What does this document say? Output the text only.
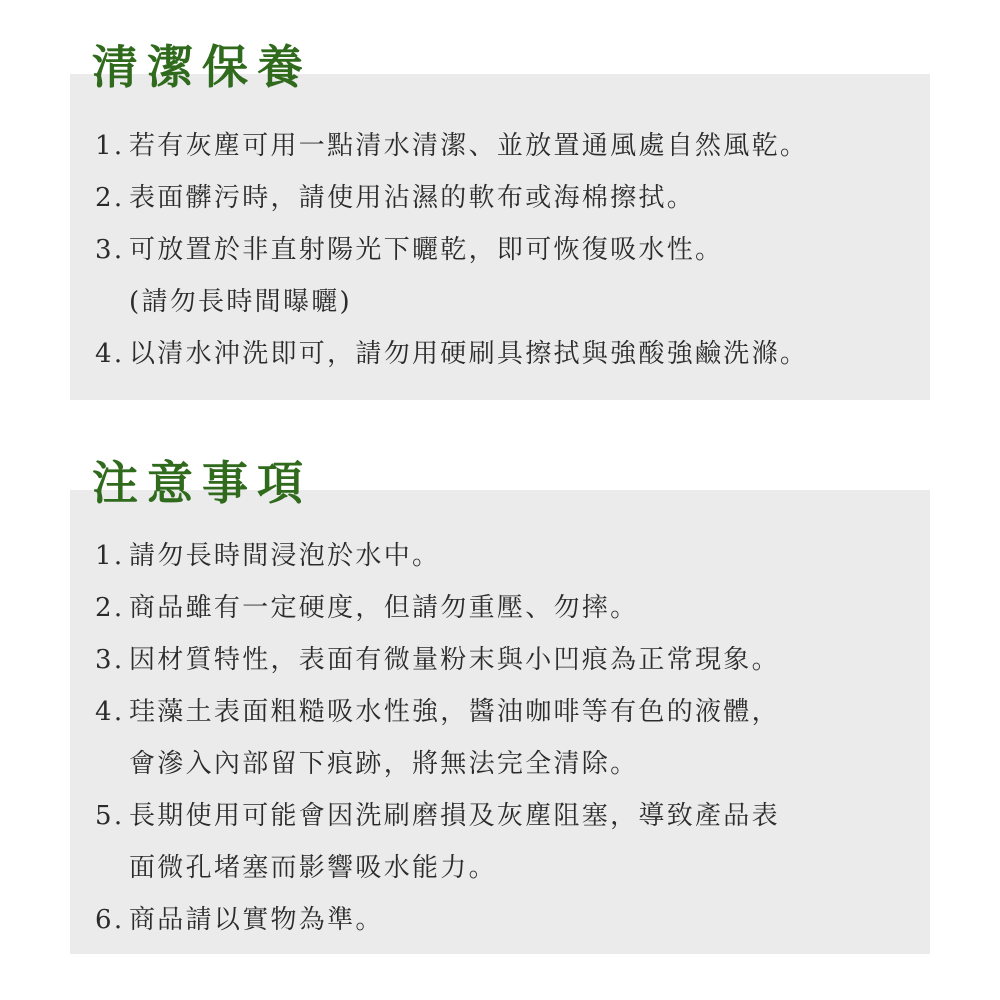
清潔保養
1. 若有灰塵可用一點清水清潔、並放置通風處自然風乾。
2. 表面髒污時，請使用沾濕的軟布或海棉擦拭。
3. 可放置於非直射陽光下曬乾，即可恢復吸水性。
(請勿長時間曝曬)
4. 以清水沖洗即可，請勿用硬刷具擦拭與強酸強鹼洗滌。
注意事項
1. 請勿長時間浸泡於水中。
2. 商品雖有一定硬度，但請勿重壓、勿摔。
3. 因材質特性，表面有微量粉末與小凹痕為正常現象。
4. 珪藻土表面粗糙吸水性強，醬油咖啡等有色的液體，
會滲入內部留下痕跡，將無法完全清除。
5. 長期使用可能會因洗刷磨損及灰塵阻塞，導致產品表
面微孔堵塞而影響吸水能力。
6. 商品請以實物為準。
